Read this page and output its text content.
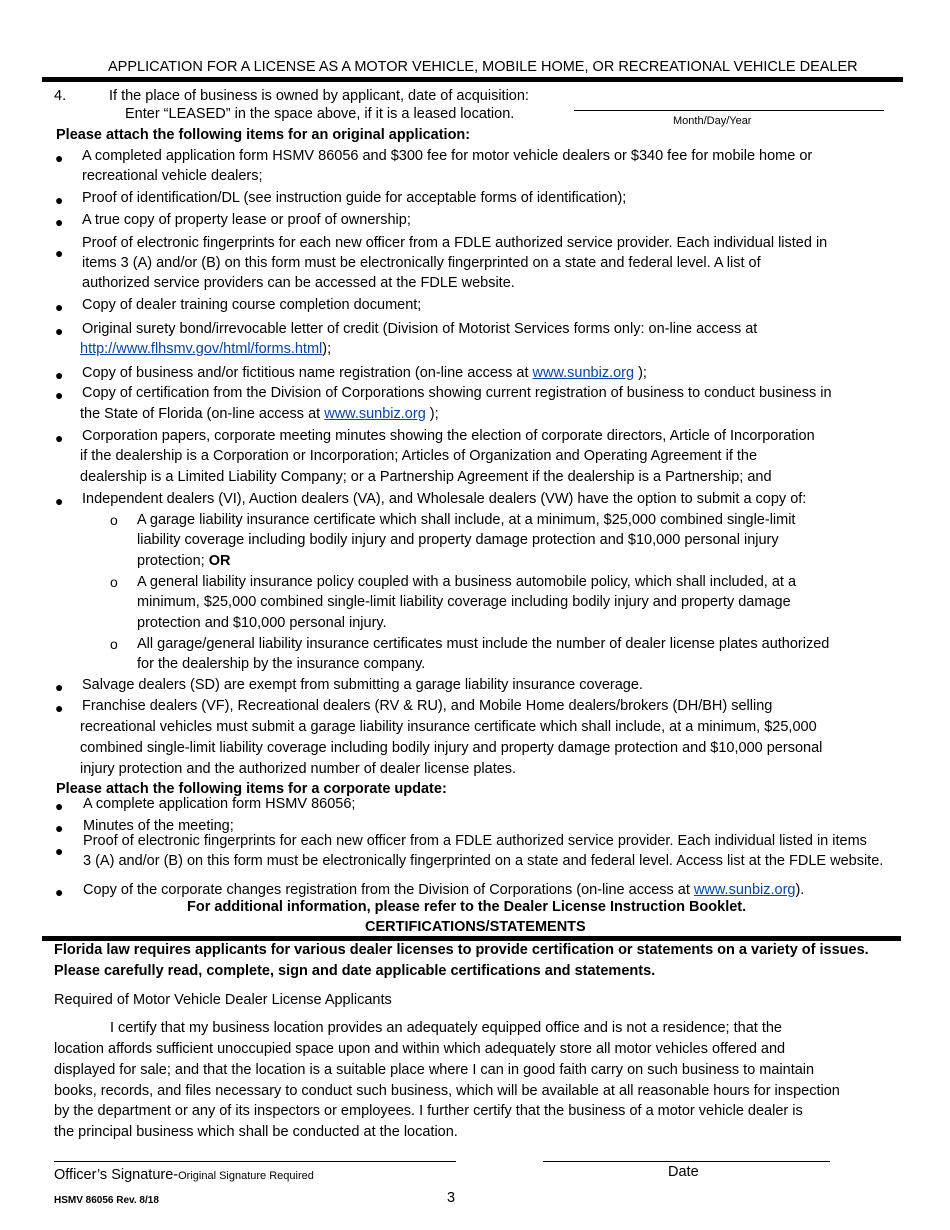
APPLICATION FOR A LICENSE AS A MOTOR VEHICLE, MOBILE HOME, OR RECREATIONAL VEHICLE DEALER
4.	If the place of business is owned by applicant, date of acquisition:
Enter “LEASED” in the space above, if it is a leased location.	Month/Day/Year
Please attach the following items for an original application:
● A completed application form HSMV 86056 and $300 fee for motor vehicle dealers or $340 fee for mobile home or
recreational vehicle dealers;
● Proof of identification/DL (see instruction guide for acceptable forms of identification);
● A true copy of property lease or proof of ownership;
●
Proof of electronic fingerprints for each new officer from a FDLE authorized service provider. Each individual listed in
items 3 (A) and/or (B) on this form must be electronically fingerprinted on a state and federal level. A list of
authorized service providers can be accessed at the FDLE website.
● Copy of dealer training course completion document;
● Original surety bond/irrevocable letter of credit (Division of Motorist Services forms only: on-line access at
http://www.flhsmv.gov/html/forms.html);
● Copy of business and/or fictitious name registration (on-line access at www.sunbiz.org );
● Copy of certification from the Division of Corporations showing current registration of business to conduct business in
the State of Florida (on-line access at www.sunbiz.org );
● Corporation papers, corporate meeting minutes showing the election of corporate directors, Article of Incorporation
if the dealership is a Corporation or Incorporation; Articles of Organization and Operating Agreement if the
dealership is a Limited Liability Company; or a Partnership Agreement if the dealership is a Partnership; and
● Independent dealers (VI), Auction dealers (VA), and Wholesale dealers (VW) have the option to submit a copy of:
o A garage liability insurance certificate which shall include, at a minimum, $25,000 combined single-limit
liability coverage including bodily injury and property damage protection and $10,000 personal injury
protection; OR
o A general liability insurance policy coupled with a business automobile policy, which shall included, at a
minimum, $25,000 combined single-limit liability coverage including bodily injury and property damage
protection and $10,000 personal injury.
o All garage/general liability insurance certificates must include the number of dealer license plates authorized
for the dealership by the insurance company.
● Salvage dealers (SD) are exempt from submitting a garage liability insurance coverage.
● Franchise dealers (VF), Recreational dealers (RV & RU), and Mobile Home dealers/brokers (DH/BH) selling
recreational vehicles must submit a garage liability insurance certificate which shall include, at a minimum, $25,000
combined single-limit liability coverage including bodily injury and property damage protection and $10,000 personal
injury protection and the authorized number of dealer license plates.
Please attach the following items for a corporate update:
● A complete application form HSMV 86056;
● Minutes of the meeting;
●
Proof of electronic fingerprints for each new officer from a FDLE authorized service provider. Each individual listed in items
3 (A) and/or (B) on this form must be electronically fingerprinted on a state and federal level. Access list at the FDLE website.
● Copy of the corporate changes registration from the Division of Corporations (on-line access at www.sunbiz.org).
For additional information, please refer to the Dealer License Instruction Booklet.
CERTIFICATIONS/STATEMENTS
Florida law requires applicants for various dealer licenses to provide certification or statements on a variety of issues.
Please carefully read, complete, sign and date applicable certifications and statements.
Required of Motor Vehicle Dealer License Applicants
I certify that my business location provides an adequately equipped office and is not a residence; that the
location affords sufficient unoccupied space upon and within which adequately store all motor vehicles offered and
displayed for sale; and that the location is a suitable place where I can in good faith carry on such business to maintain
books, records, and files necessary to conduct such business, which will be available at all reasonable hours for inspection
by the department or any of its inspectors or employees. I further certify that the business of a motor vehicle dealer is
the principal business which shall be conducted at the location.
Officer’s Signature-Original Signature Required	Date
HSMV 86056 Rev. 8/18	3
